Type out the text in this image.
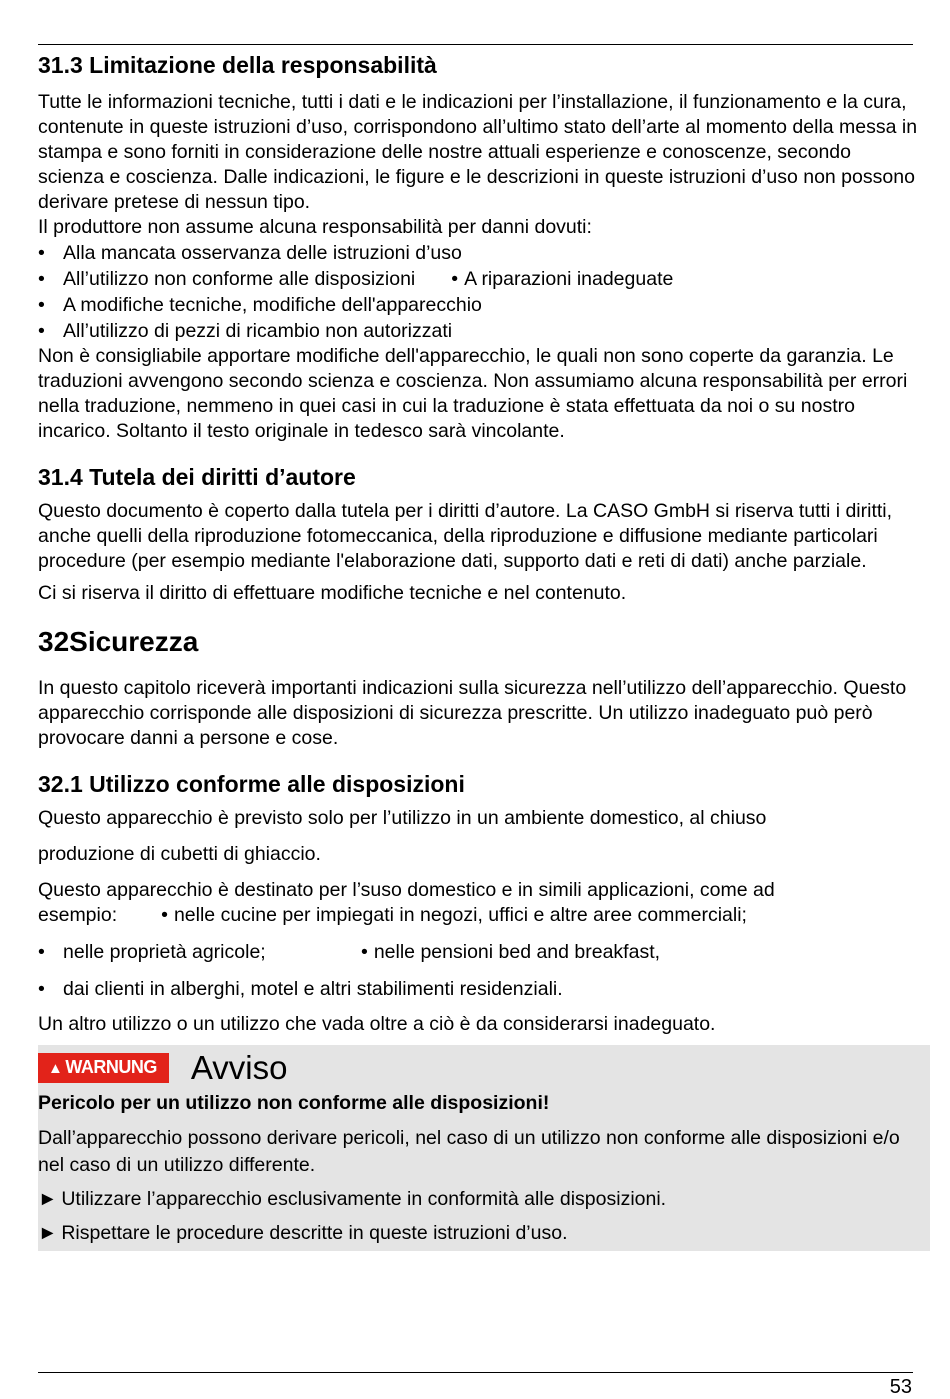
31.3 Limitazione della responsabilità

Tutte le informazioni tecniche, tutti i dati e le indicazioni per l’installazione, il funzionamento e la cura, contenute in queste istruzioni d’uso, corrispondono all’ultimo stato dell’arte al momento della messa in stampa e sono forniti in considerazione delle nostre attuali esperienze e conoscenze, secondo scienza e coscienza. Dalle indicazioni, le figure e le descrizioni in queste istruzioni d’uso non possono derivare pretese di nessun tipo.

Il produttore non assume alcuna responsabilità per danni dovuti:

• Alla mancata osservanza delle istruzioni d’uso
• All’utilizzo non conforme alle disposizioni • A riparazioni inadeguate
• A modifiche tecniche, modifiche dell'apparecchio
• All’utilizzo di pezzi di ricambio non autorizzati

Non è consigliabile apportare modifiche dell'apparecchio, le quali non sono coperte da garanzia. Le traduzioni avvengono secondo scienza e coscienza. Non assumiamo alcuna responsabilità per errori nella traduzione, nemmeno in quei casi in cui la traduzione è stata effettuata da noi o su nostro incarico. Soltanto il testo originale in tedesco sarà vincolante.

31.4 Tutela dei diritti d’autore

Questo documento è coperto dalla tutela per i diritti d’autore. La CASO GmbH si riserva tutti i diritti, anche quelli della riproduzione fotomeccanica, della riproduzione e diffusione mediante particolari procedure (per esempio mediante l'elaborazione dati, supporto dati e reti di dati) anche parziale.

Ci si riserva il diritto di effettuare modifiche tecniche e nel contenuto.

32Sicurezza

In questo capitolo riceverà importanti indicazioni sulla sicurezza nell’utilizzo dell’apparecchio. Questo apparecchio corrisponde alle disposizioni di sicurezza prescritte. Un utilizzo inadeguato può però provocare danni a persone e cose.

32.1 Utilizzo conforme alle disposizioni

Questo apparecchio è previsto solo per l’utilizzo in un ambiente domestico, al chiuso

produzione di cubetti di ghiaccio.

Questo apparecchio è destinato per l’suso domestico e in simili applicazioni, come ad

esempio: • nelle cucine per impiegati in negozi, uffici e altre aree commerciali;
• nelle proprietà agricole;	• nelle pensioni bed and breakfast,
• dai clienti in alberghi, motel e altri stabilimenti residenziali.

Un altro utilizzo o un utilizzo che vada oltre a ciò è da considerarsi inadeguato.

▲ WARNUNG	Avviso

Pericolo per un utilizzo non conforme alle disposizioni!

Dall’apparecchio possono derivare pericoli, nel caso di un utilizzo non conforme alle disposizioni e/o nel caso di un utilizzo differente.

► Utilizzare l’apparecchio esclusivamente in conformità alle disposizioni.
► Rispettare le procedure descritte in queste istruzioni d’uso.
53
